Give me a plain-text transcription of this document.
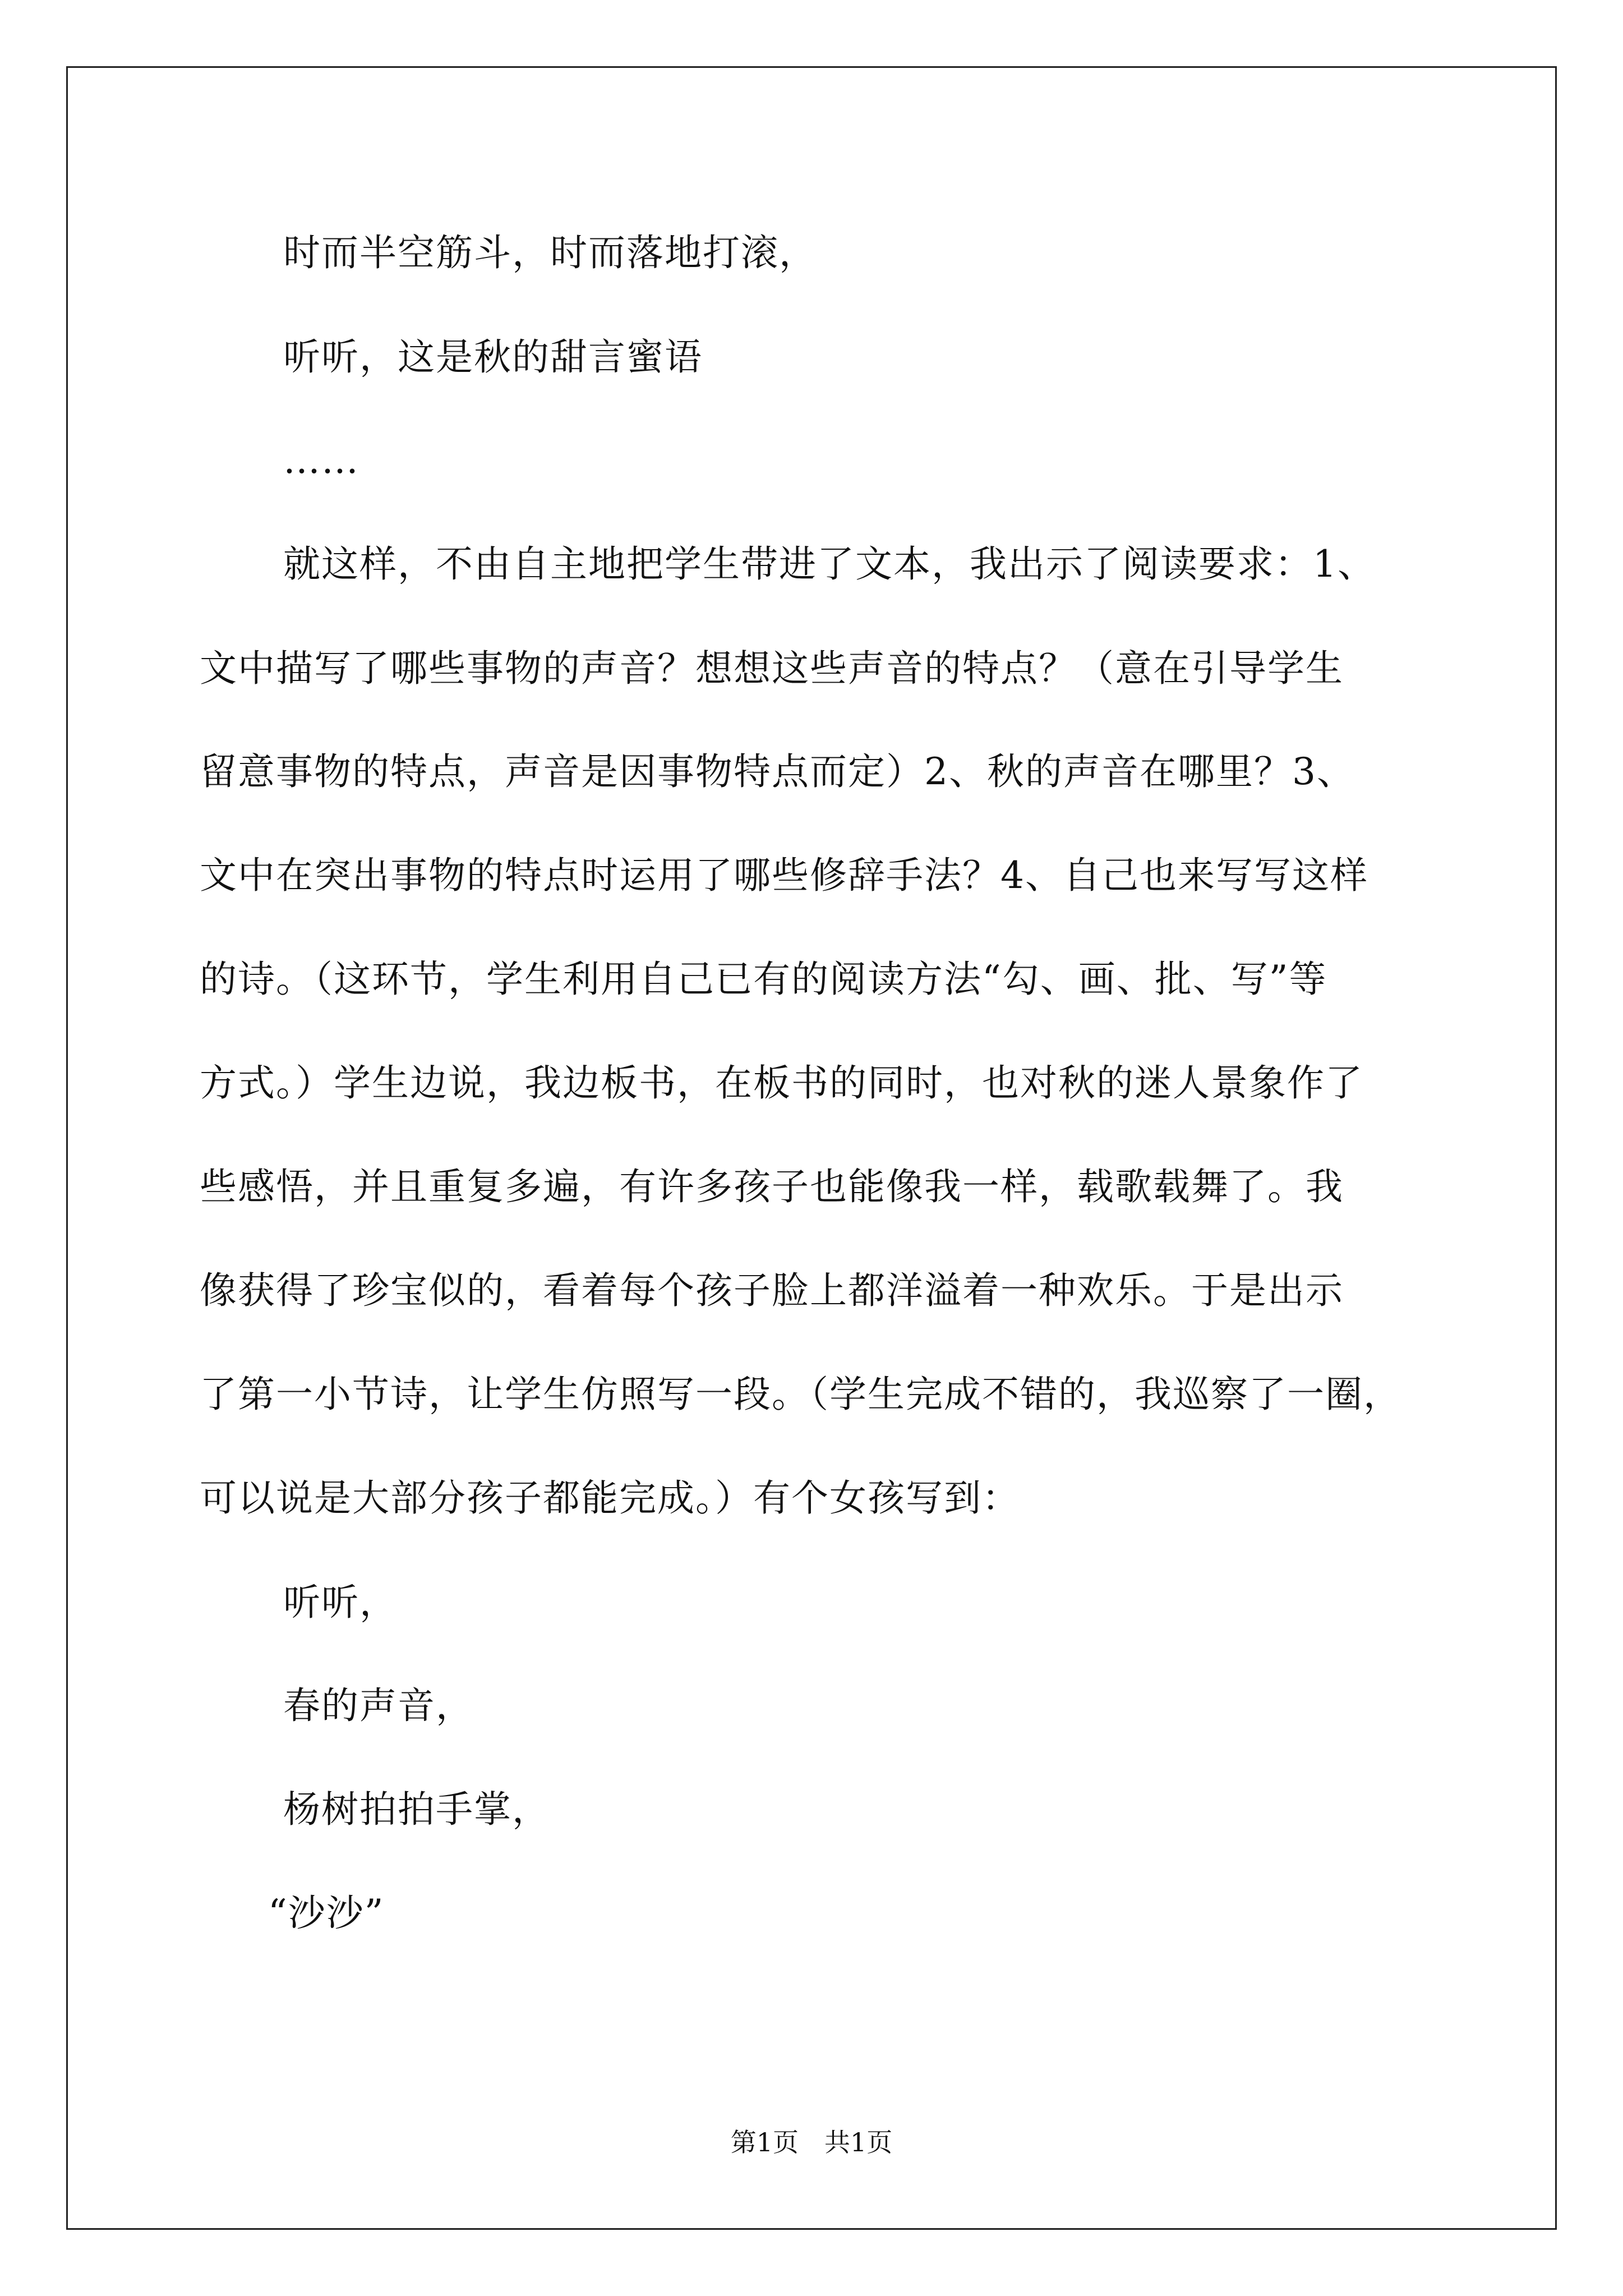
时而半空筋斗，时而落地打滚，
听听，这是秋的甜言蜜语
……
就这样，不由自主地把学生带进了文本，我出示了阅读要求：1、
文中描写了哪些事物的声音？想想这些声音的特点？（意在引导学生
留意事物的特点，声音是因事物特点而定）2、秋的声音在哪里？3、
文中在突出事物的特点时运用了哪些修辞手法？4、自己也来写写这样
的诗。（这环节，学生利用自己已有的阅读方法“勾、画、批、写”等
方式。）学生边说，我边板书，在板书的同时，也对秋的迷人景象作了
些感悟，并且重复多遍，有许多孩子也能像我一样，载歌载舞了。我
像获得了珍宝似的，看着每个孩子脸上都洋溢着一种欢乐。于是出示
了第一小节诗，让学生仿照写一段。（学生完成不错的，我巡察了一圈，
可以说是大部分孩子都能完成。）有个女孩写到：
听听，
春的声音，
杨树拍拍手掌，
“沙沙”
第1页　共1页
